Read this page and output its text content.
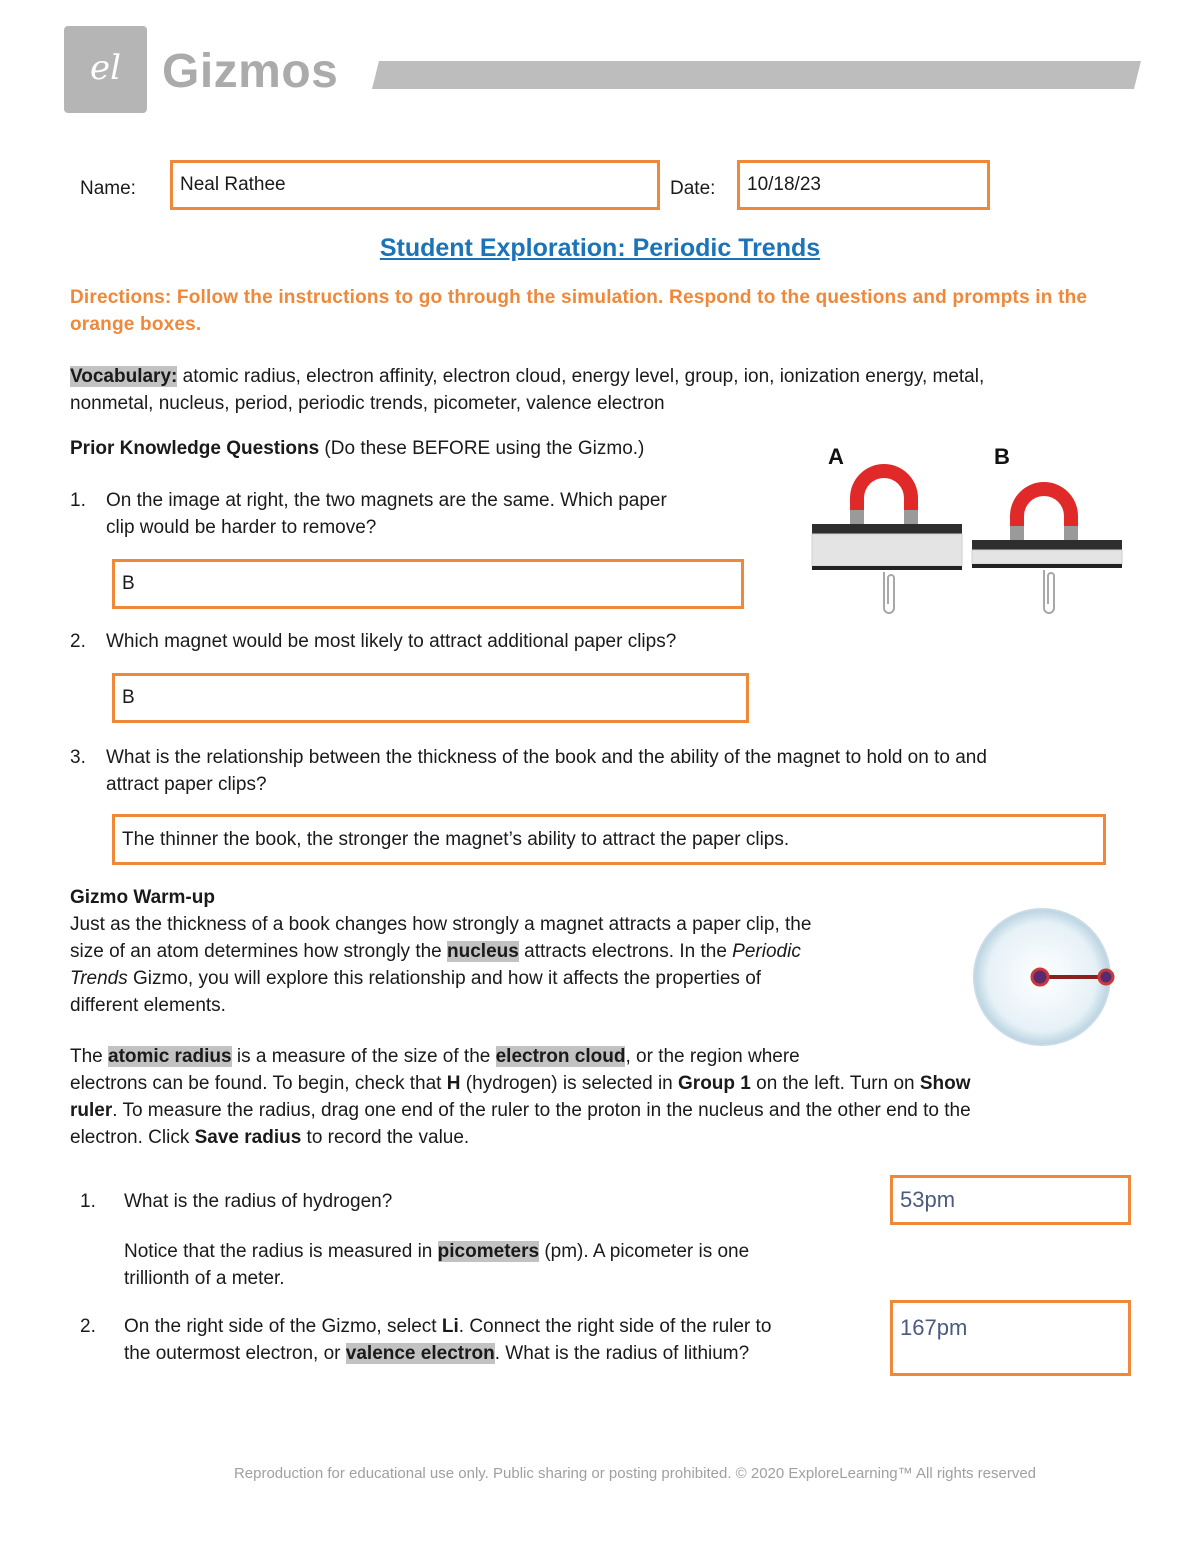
el Gizmos
Name:	Neal Rathee	Date:	10/18/23
Student Exploration: Periodic Trends
Directions: Follow the instructions to go through the simulation. Respond to the questions and prompts in the orange boxes.
Vocabulary: atomic radius, electron affinity, electron cloud, energy level, group, ion, ionization energy, metal,
nonmetal, nucleus, period, periodic trends, picometer, valence electron
Prior Knowledge Questions (Do these BEFORE using the Gizmo.)
1. On the image at right, the two magnets are the same. Which paper
clip would be harder to remove?
B
2. Which magnet would be most likely to attract additional paper clips?
B
3. What is the relationship between the thickness of the book and the ability of the magnet to hold on to and
attract paper clips?
The thinner the book, the stronger the magnet’s ability to attract the paper clips.
A	B
Gizmo Warm-up
Just as the thickness of a book changes how strongly a magnet attracts a paper clip, the
size of an atom determines how strongly the nucleus attracts electrons. In the Periodic
Trends Gizmo, you will explore this relationship and how it affects the properties of
different elements.
The atomic radius is a measure of the size of the electron cloud, or the region where
electrons can be found. To begin, check that H (hydrogen) is selected in Group 1 on the left. Turn on Show
ruler. To measure the radius, drag one end of the ruler to the proton in the nucleus and the other end to the
electron. Click Save radius to record the value.
1. What is the radius of hydrogen?
Notice that the radius is measured in picometers (pm). A picometer is one
trillionth of a meter.
53pm
2. On the right side of the Gizmo, select Li. Connect the right side of the ruler to
the outermost electron, or valence electron. What is the radius of lithium?
167pm
Reproduction for educational use only. Public sharing or posting prohibited. © 2020 ExploreLearning™ All rights reserved
